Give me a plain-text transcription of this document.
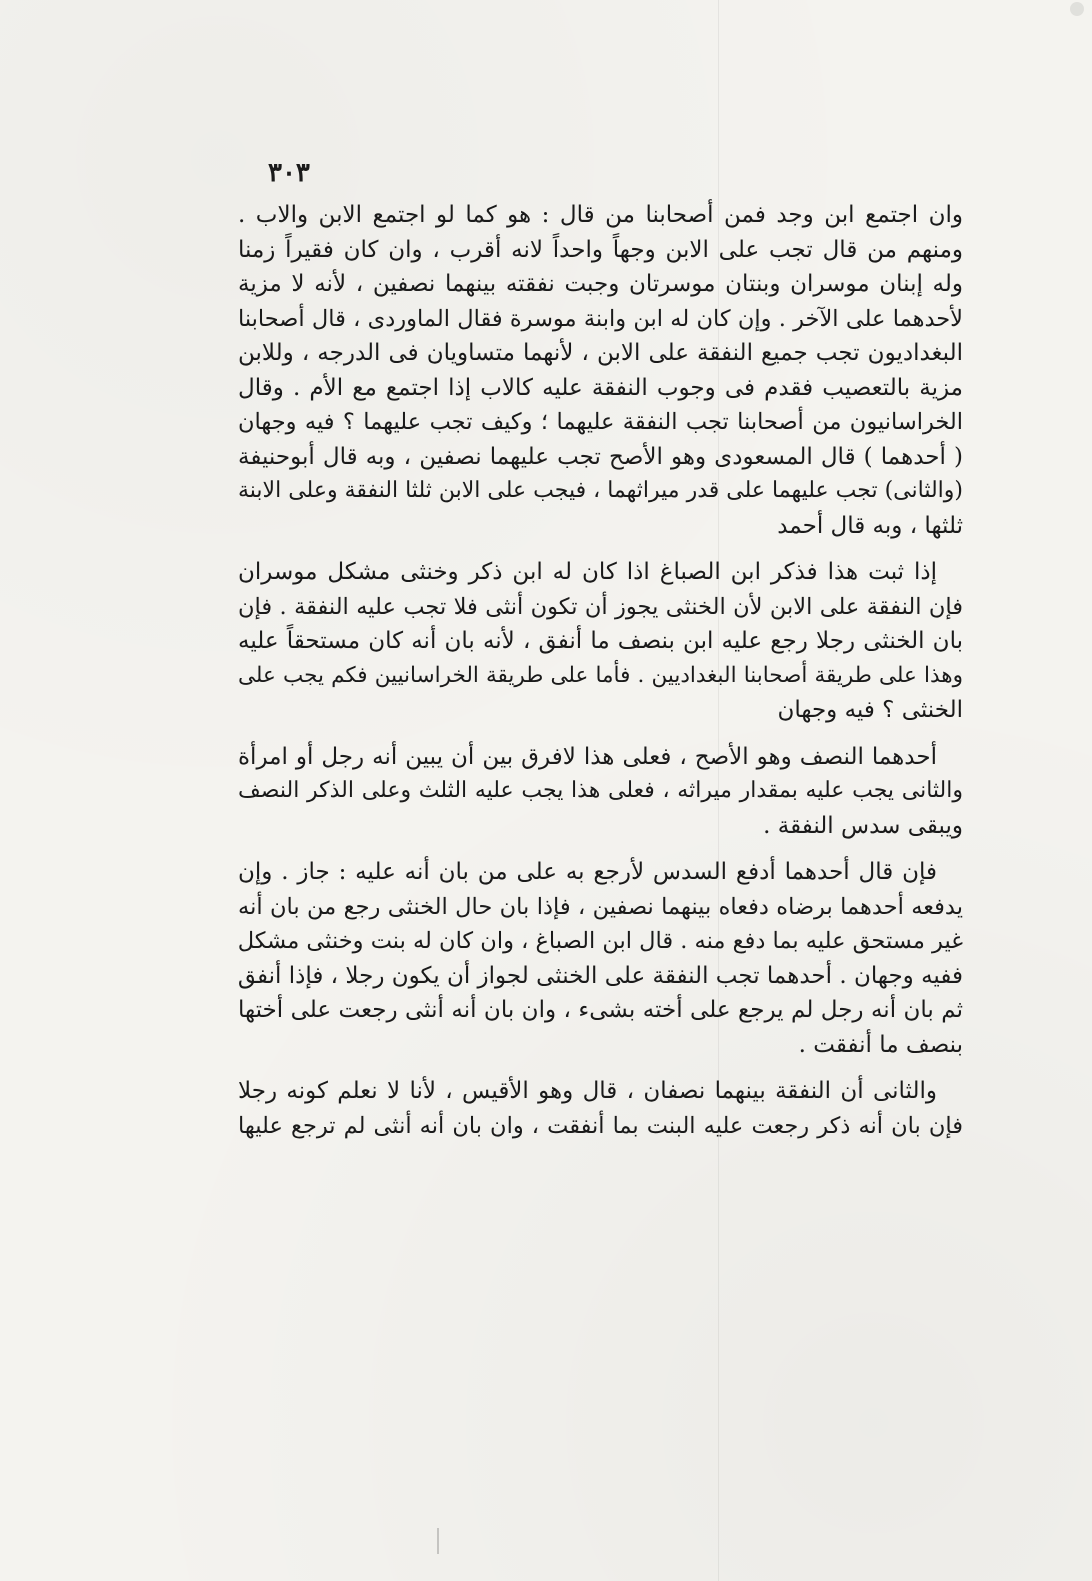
٣٠٣
وان اجتمع ابن وجد فمن أصحابنا من قال : هو كما لو اجتمع الابن والاب .
ومنهم من قال تجب على الابن وجهاً واحداً لانه أقرب ، وان كان فقيراً زمنا
وله إبنان موسران وبنتان موسرتان وجبت نفقته بينهما نصفين ، لأنه لا مزية
لأحدهما على الآخر . وإن كان له ابن وابنة موسرة فقال الماوردى ، قال أصحابنا
البغداديون تجب جميع النفقة على الابن ، لأنهما متساويان فى الدرجه ، وللابن
مزية بالتعصيب فقدم فى وجوب النفقة عليه كالاب إذا اجتمع مع الأم . وقال
الخراسانيون من أصحابنا تجب النفقة عليهما ؛ وكيف تجب عليهما ؟ فيه وجهان
( أحدهما ) قال المسعودى وهو الأصح تجب عليهما نصفين ، وبه قال أبوحنيفة
(والثانى) تجب عليهما على قدر ميراثهما ، فيجب على الابن ثلثا النفقة وعلى الابنة
ثلثها ، وبه قال أحمد
إذا ثبت هذا فذكر ابن الصباغ اذا كان له ابن ذكر وخنثى مشكل موسران
فإن النفقة على الابن لأن الخنثى يجوز أن تكون أنثى فلا تجب عليه النفقة . فإن
بان الخنثى رجلا رجع عليه ابن بنصف ما أنفق ، لأنه بان أنه كان مستحقاً عليه
وهذا على طريقة أصحابنا البغداديين . فأما على طريقة الخراسانيين فكم يجب على
الخنثى ؟ فيه وجهان
أحدهما النصف وهو الأصح ، فعلى هذا لافرق بين أن يبين أنه رجل أو امرأة
والثانى يجب عليه بمقدار ميراثه ، فعلى هذا يجب عليه الثلث وعلى الذكر النصف
ويبقى سدس النفقة .
فإن قال أحدهما أدفع السدس لأرجع به على من بان أنه عليه : جاز . وإن
يدفعه أحدهما برضاه دفعاه بينهما نصفين ، فإذا بان حال الخنثى رجع من بان أنه
غير مستحق عليه بما دفع منه . قال ابن الصباغ ، وان كان له بنت وخنثى مشكل
ففيه وجهان . أحدهما تجب النفقة على الخنثى لجواز أن يكون رجلا ، فإذا أنفق
ثم بان أنه رجل لم يرجع على أخته بشىء ، وان بان أنه أنثى رجعت على أختها
بنصف ما أنفقت .
والثانى أن النفقة بينهما نصفان ، قال وهو الأقيس ، لأنا لا نعلم كونه رجلا
فإن بان أنه ذكر رجعت عليه البنت بما أنفقت ، وان بان أنه أنثى لم ترجع عليها
